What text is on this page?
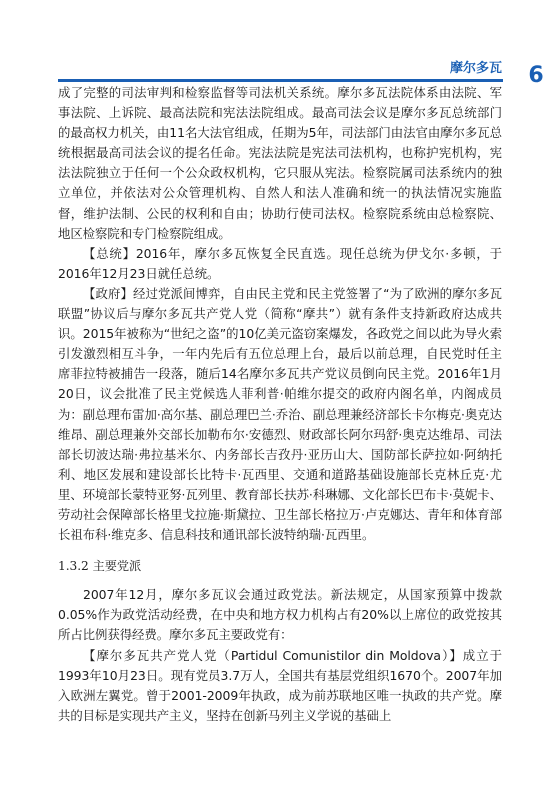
摩尔多瓦	6

成了完整的司法审判和检察监督等司法机关系统。摩尔多瓦法院体系由法院、军事法院、上诉院、最高法院和宪法法院组成。最高司法会议是摩尔多瓦总统部门的最高权力机关，由11名大法官组成，任期为5年，司法部门由法官由摩尔多瓦总统根据最高司法会议的提名任命。宪法法院是宪法司法机构，也称护宪机构，宪法法院独立于任何一个公众政权机构，它只服从宪法。检察院属司法系统内的独立单位，并依法对公众管理机构、自然人和法人准确和统一的执法情况实施监督，维护法制、公民的权利和自由；协助行使司法权。检察院系统由总检察院、地区检察院和专门检察院组成。

【总统】2016年，摩尔多瓦恢复全民直选。现任总统为伊戈尔·多顿，于2016年12月23日就任总统。

【政府】经过党派间博弈，自由民主党和民主党签署了“为了欧洲的摩尔多瓦联盟”协议后与摩尔多瓦共产党人党（简称“摩共”）就有条件支持新政府达成共识。2015年被称为“世纪之盗”的10亿美元盗窃案爆发，各政党之间以此为导火索引发激烈相互斗争，一年内先后有五位总理上台，最后以前总理，自民党时任主席菲拉特被捕告一段落，随后14名摩尔多瓦共产党议员倒向民主党。2016年1月20日，议会批准了民主党候选人菲利普·帕维尔提交的政府内阁名单，内阁成员为：副总理布雷加·高尔基、副总理巴兰·乔治、副总理兼经济部长卡尔梅克·奥克达维昂、副总理兼外交部长加勒布尔·安德烈、财政部长阿尔玛舒·奥克达维昂、司法部长切波达瑞·弗拉基米尔、内务部长吉孜丹·亚历山大、国防部长萨拉如·阿纳托利、地区发展和建设部长比特卡·瓦西里、交通和道路基础设施部长克林丘克·尤里、环境部长蒙特亚努·瓦列里、教育部长扶苏·科琳娜、文化部长巴布卡·莫妮卡、劳动社会保障部长格里戈拉施·斯黛拉、卫生部长格拉万·卢克娜达、青年和体育部长祖布科·维克多、信息科技和通讯部长波特纳瑞·瓦西里。

1.3.2 主要党派

2007年12月，摩尔多瓦议会通过政党法。新法规定，从国家预算中拨款0.05%作为政党活动经费，在中央和地方权力机构占有20%以上席位的政党按其所占比例获得经费。摩尔多瓦主要政党有：

【摩尔多瓦共产党人党（Partidul Comunistilor din Moldova）】成立于1993年10月23日。现有党员3.7万人，全国共有基层党组织1670个。2007年加入欧洲左翼党。曾于2001-2009年执政，成为前苏联地区唯一执政的共产党。摩共的目标是实现共产主义，坚持在创新马列主义学说的基础上
